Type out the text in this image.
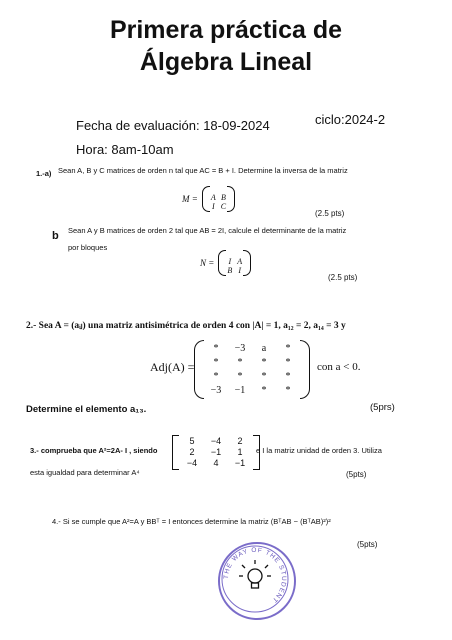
Primera práctica de
Álgebra Lineal
Fecha de evaluación: 18-09-2024	ciclo:2024-2
Hora: 8am-10am
1.-a) Sean A, B y C matrices de orden n tal que AC = B + I. Determine la inversa de la matriz
M = A B
I C
(2.5 pts)
b Sean A y B matrices de orden 2 tal que AB = 2I, calcule el determinante de la matriz
por bloques
N = I A
B I
(2.5 pts)
2.- Sea A = (aᵢⱼ) una matriz antisimétrica de orden 4 con |A| = 1, a₁₂ = 2, a₁₄ = 3 y
Adj(A) =
*	−3	a	*
*	*	*	*
*	*	*	*
−3	−1	*	*
con a < 0.
Determine el elemento a₁₃.	(5prs)
3.- comprueba que A²=2A- I , siendo
5	−4	2
2	−1	1
−4	4	−1
e I la matriz unidad de orden 3. Utiliza
esta igualdad para determinar A⁴	(5pts)
4.- Si se cumple que A²=A y BBᵀ = I entonces determine la matriz (BᵀAB − (BᵀAB)²)²
(5pts)
THE WAY OF THE STUDENT
